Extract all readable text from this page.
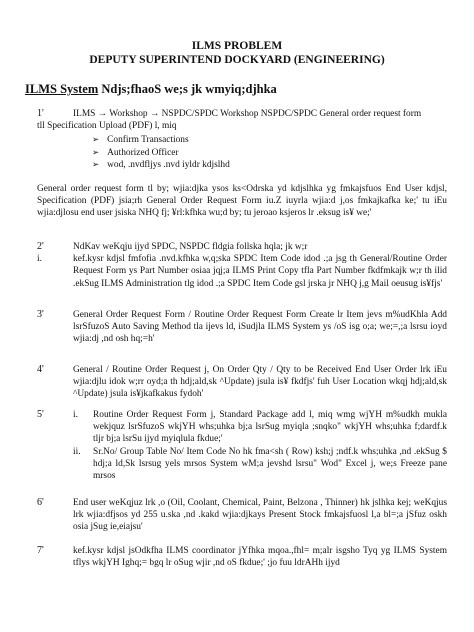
ILMS PROBLEM
DEPUTY SUPERINTEND DOCKYARD (ENGINEERING)
ILMS System Ndjs;fhaoS we;s jk wmyiq;djhka
1'	ILMS → Workshop → NSPDC/SPDC Workshop NSPDC/SPDC General order request form
tll Specification Upload (PDF) l, miq
➢ Confirm Transactions
➢ Authorized Officer
➢ wod, .nvdfljys .nvd iyldr kdjslhd
General order request form tl by; wjia:djka ysos ks<Odrska yd kdjslhka yg fmkajsfuos End User kdjsl, Specification (PDF) jsia;rh General Order Request Form iu.Z iuyrla wjia:d j,os fmkajkafka ke;' tu iEu wjia:djlosu end user jsiska NHQ fj; ¥rl:kfhka wu;d by; tu jeroao ksjeros lr .eksug is¥ we;'
2'	NdKav weKqju ijyd SPDC, NSPDC fldgia follska hqla; jk w;r
i.	kef.kysr kdjsl fmfofia .nvd.kfhka w,q;ska SPDC Item Code idod .;a jsg th General/Routine Order Request Form ys Part Number osiaa jqj;a ILMS Print Copy tfla Part Number fkdfmkajk w;r th ilid .ekSug ILMS Administration tlg idod .;a SPDC Item Code gsl jrska jr NHQ j,g Mail oeusug is¥fjs'
3'	General Order Request Form / Routine Order Request Form Create lr Item jevs m%udKhla Add lsrSfuzoS Auto Saving Method tla ijevs ld, iSudjla ILMS System ys /oS isg o;a; we;=,;a lsrsu ioyd wjia:dj ,nd osh hq;=h'
4'	General / Routine Order Request j, On Order Qty / Qty to be Received End User Order lrk iEu wjia:djlu idok w;rr oyd;a th hdj;ald,sk ^Update) jsula is¥ fkdfjs' fuh User Location wkqj hdj;ald,sk ^Update) jsula is¥jkafkakus fydoh'
5'	i.	Routine Order Request Form j, Standard Package add l, miq wmg wjYH m%udkh mukla wekjquz lsrSfuzoS wkjYH whs;uhka bj;a lsrSug myiqla ;snqko" wkjYH whs;uhka f;dardf.k tljr bj;a lsrSu ijyd myiqlula fkdue;'
ii.	Sr.No/ Group Table No/ Item Code No hk fma<sh ( Row) ksh;j ;ndf.k whs;uhka ,nd .ekSug $ hdj;a ld,Sk lsrsug yels mrsos System wM;a jevshd lsrsu" Wod" Excel j, we;s Freeze pane mrsos
6'	End user weKqjuz lrk ,o (Oil, Coolant, Chemical, Paint, Belzona , Thinner) hk jslhka kej; weKqjus lrk wjia:dfjsos yd 255 u.ska ,nd .kakd wjia:djkays Present Stock fmkajsfuosl l,a bl=;a jSfuz oskh osia jSug ie,eiajsu'
7'	kef.kysr kdjsl jsOdkfha ILMS coordinator jYfhka mqoa.,fhl= m;alr isgsho Tyq yg ILMS System tflys wkjYH Ighq;= bgq lr oSug wjir ,nd oS fkdue;' ;jo fuu ldrAHh ijyd
